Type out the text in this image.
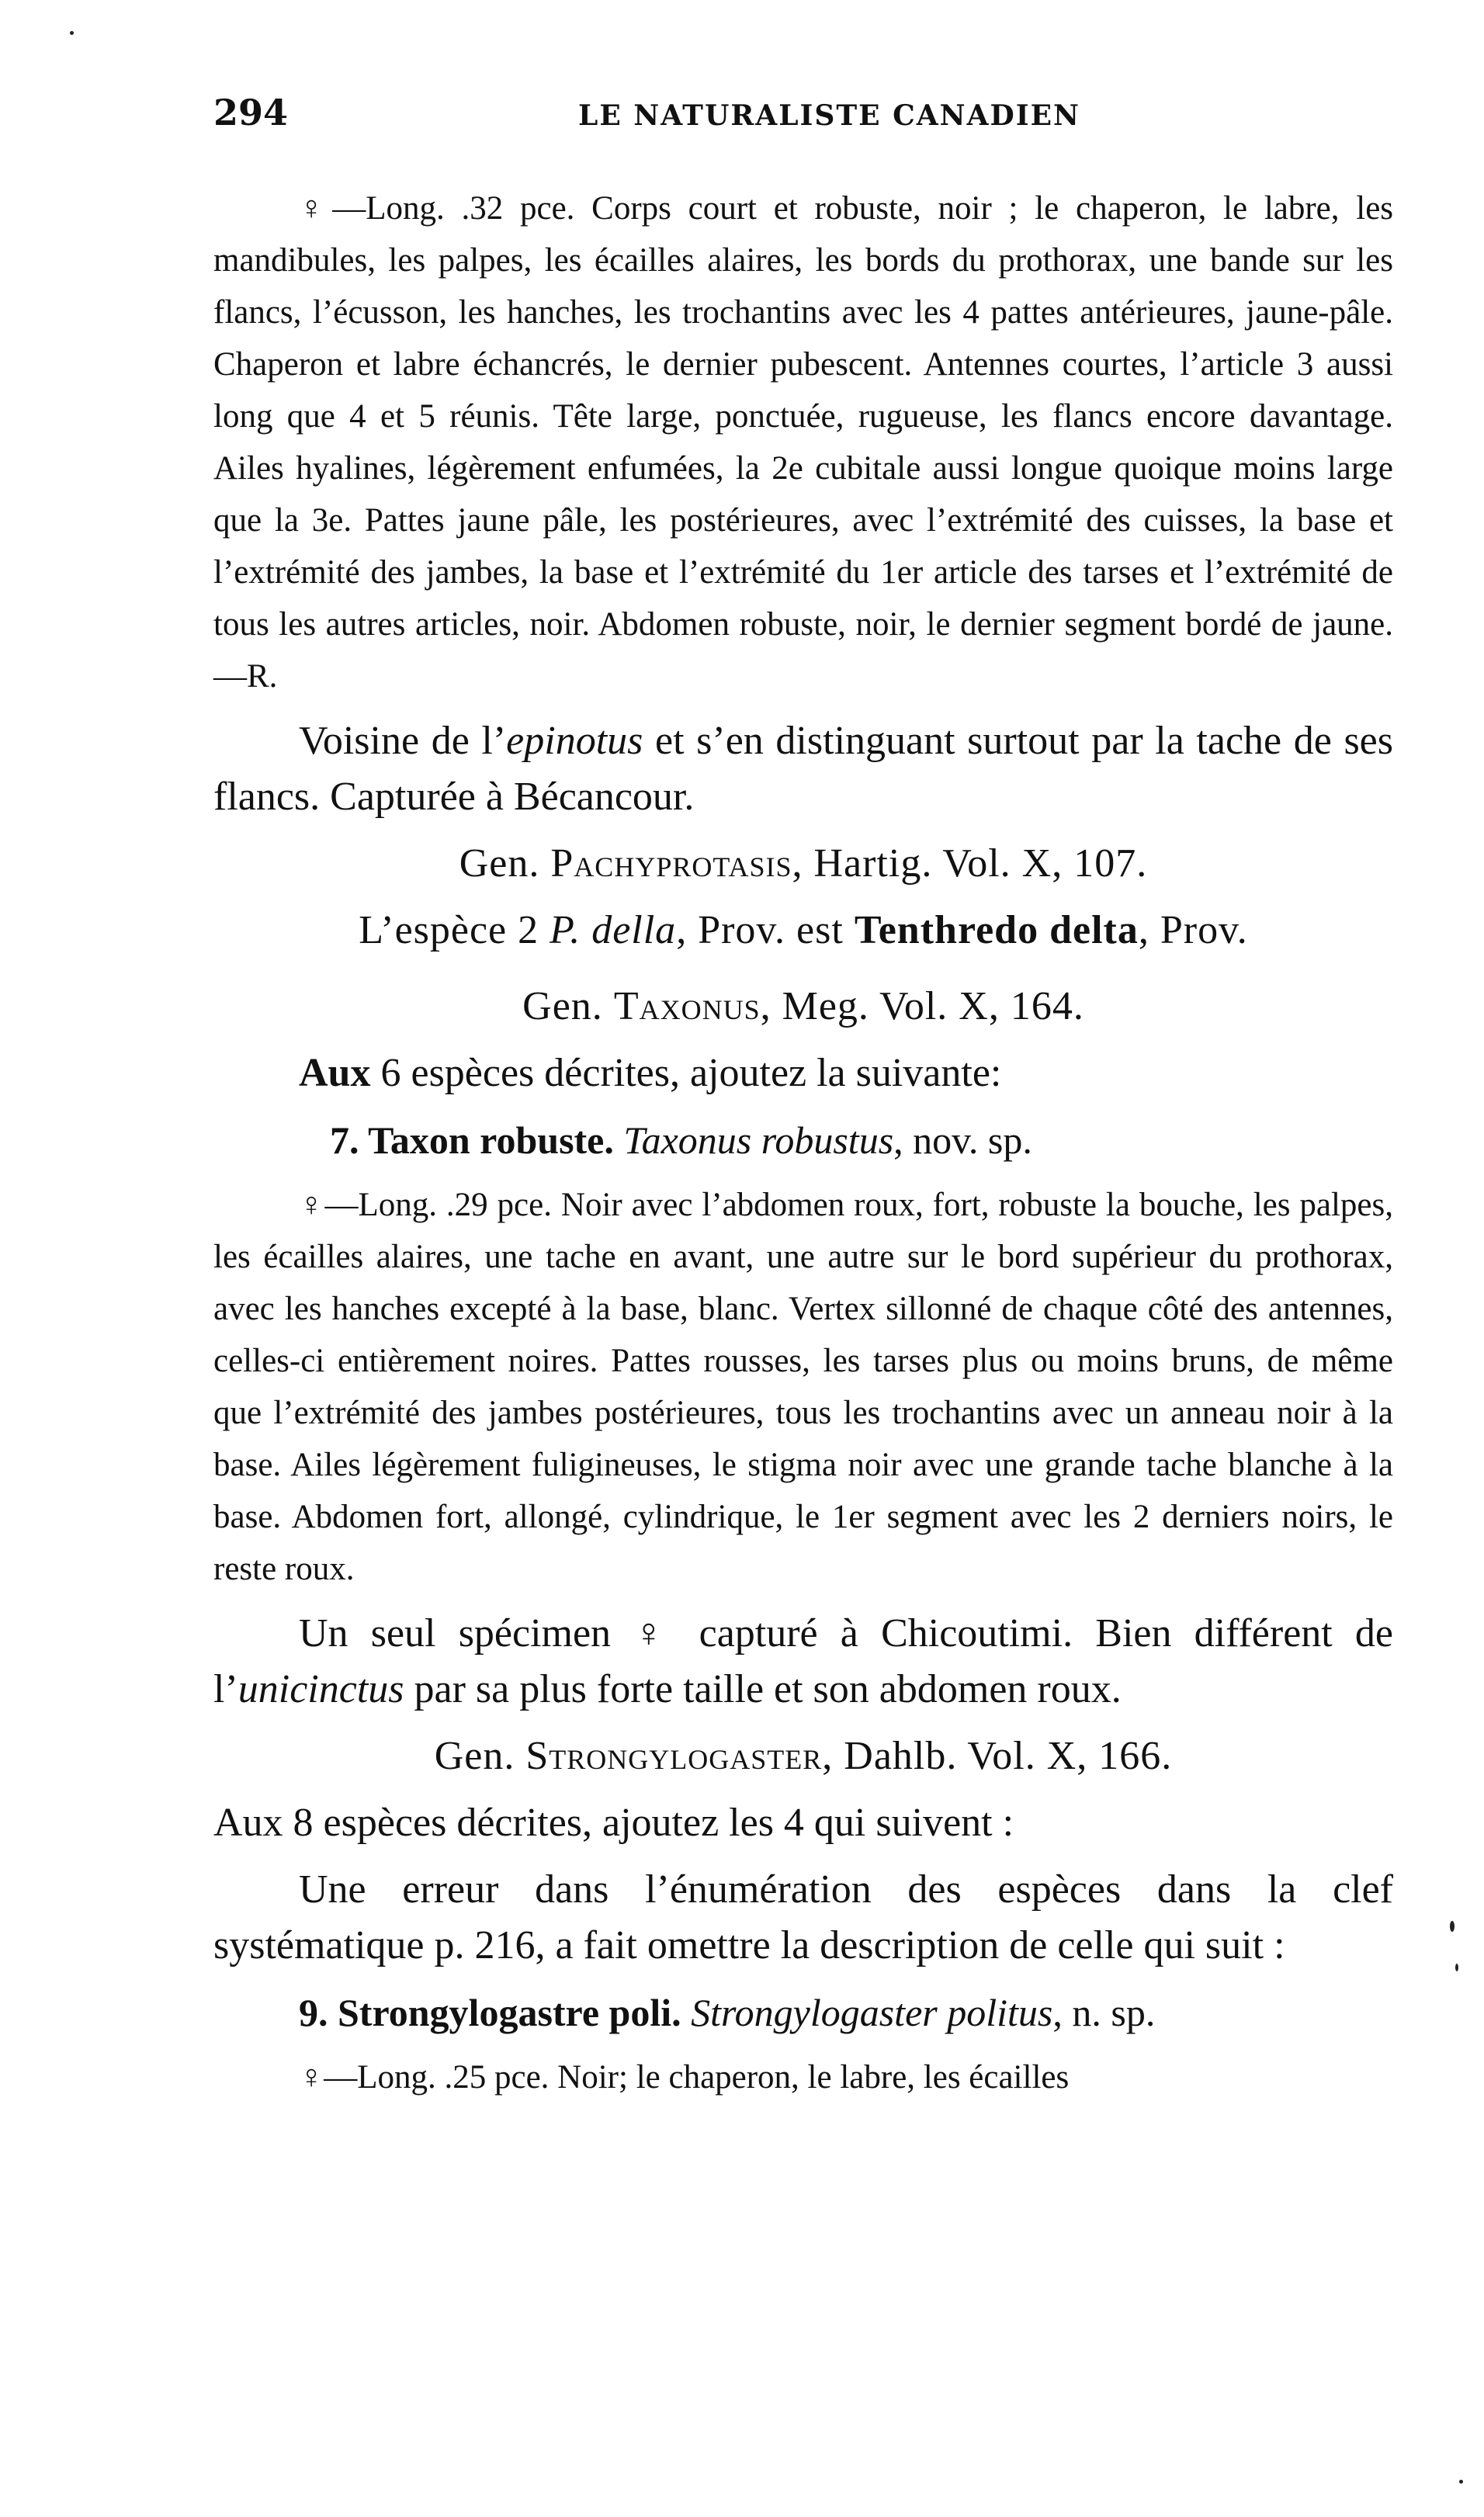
294	LE NATURALISTE CANADIEN

♀—Long. .32 pce. Corps court et robuste, noir ; le chaperon, le labre, les mandibules, les palpes, les écailles alaires, les bords du prothorax, une bande sur les flancs, l’écusson, les hanches, les trochantins avec les 4 pattes antérieures, jaune-pâle. Chaperon et labre échancrés, le dernier pubescent. Antennes courtes, l’article 3 aussi long que 4 et 5 réunis. Tête large, ponctuée, rugueuse, les flancs encore davantage. Ailes hyalines, légèrement enfumées, la 2e cubitale aussi longue quoique moins large que la 3e. Pattes jaune pâle, les postérieures, avec l’extrémité des cuisses, la base et l’extrémité des jambes, la base et l’extrémité du 1er article des tarses et l’extrémité de tous les autres articles, noir. Abdomen robuste, noir, le dernier segment bordé de jaune.—R.

Voisine de l’epinotus et s’en distinguant surtout par la tache de ses flancs. Capturée à Bécancour.

Gen. Pachyprotasis, Hartig. Vol. X, 107.

L’espèce 2 P. della, Prov. est Tenthredo delta, Prov.

Gen. Taxonus, Meg. Vol. X, 164.

Aux 6 espèces décrites, ajoutez la suivante:

7. Taxon robuste. Taxonus robustus, nov. sp.

♀—Long. .29 pce. Noir avec l’abdomen roux, fort, robuste la bouche, les palpes, les écailles alaires, une tache en avant, une autre sur le bord supérieur du prothorax, avec les hanches excepté à la base, blanc. Vertex sillonné de chaque côté des antennes, celles-ci entièrement noires. Pattes rousses, les tarses plus ou moins bruns, de même que l’extrémité des jambes postérieures, tous les trochantins avec un anneau noir à la base. Ailes légèrement fuligineuses, le stigma noir avec une grande tache blanche à la base. Abdomen fort, allongé, cylindrique, le 1er segment avec les 2 derniers noirs, le reste roux.

Un seul spécimen ♀ capturé à Chicoutimi. Bien différent de l’unicinctus par sa plus forte taille et son abdomen roux.

Gen. Strongylogaster, Dahlb. Vol. X, 166.

Aux 8 espèces décrites, ajoutez les 4 qui suivent :

Une erreur dans l’énumération des espèces dans la clef systématique p. 216, a fait omettre la description de celle qui suit :

9. Strongylogastre poli. Strongylogaster politus, n. sp.

♀—Long. .25 pce. Noir; le chaperon, le labre, les écailles
